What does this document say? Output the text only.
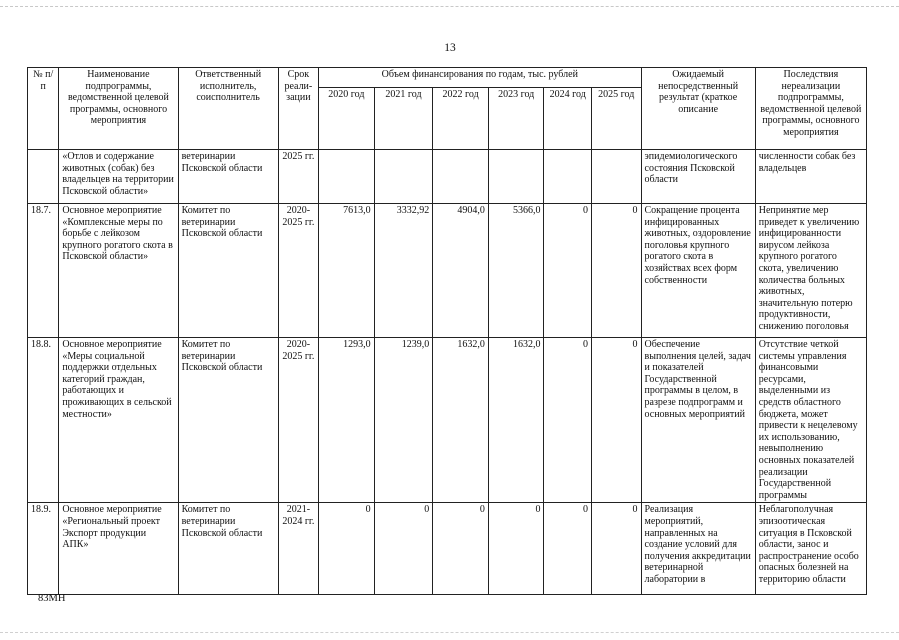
13
№ п/п	Наименование подпрограммы, ведомственной целевой программы, основного мероприятия	Ответственный исполнитель, соисполнитель	Срок реали-зации	Объем финансирования по годам, тыс. рублей						Ожидаемый непосредственный результат (краткое описание	Последствия нереализации подпрограммы, ведомственной целевой программы, основного мероприятия
				2020 год	2021 год	2022 год	2023 год	2024 год	2025 год		
	«Отлов и содержание животных (собак) без владельцев на территории Псковской области»	ветеринарии Псковской области	2025 гг.							эпидемиологического состояния Псковской области	численности собак без владельцев
18.7.	Основное мероприятие «Комплексные меры по борьбе с лейкозом крупного рогатого скота в Псковской области»	Комитет по ветеринарии Псковской области	2020-2025 гг.	7613,0	3332,92	4904,0	5366,0	0	0	Сокращение процента инфицированных животных, оздоровление поголовья крупного рогатого скота в хозяйствах всех форм собственности	Непринятие мер приведет к увеличению инфицированности вирусом лейкоза крупного рогатого скота, увеличению количества больных животных, значительную потерю продуктивности, снижению поголовья
18.8.	Основное мероприятие «Меры социальной поддержки отдельных категорий граждан, работающих и проживающих в сельской местности»	Комитет по ветеринарии Псковской области	2020-2025 гг.	1293,0	1239,0	1632,0	1632,0	0	0	Обеспечение выполнения целей, задач и показателей Государственной программы в целом, в разрезе подпрограмм и основных мероприятий	Отсутствие четкой системы управления финансовыми ресурсами, выделенными из средств областного бюджета, может привести к нецелевому их использованию, невыполнению основных показателей реализации Государственной программы
18.9.	Основное мероприятие «Региональный проект Экспорт продукции АПК»	Комитет по ветеринарии Псковской области	2021-2024 гг.	0	0	0	0	0	0	Реализация мероприятий, направленных на создание условий для получения аккредитации ветеринарной лаборатории в	Неблагополучная эпизоотическая ситуация в Псковской области, занос и распространение особо опасных болезней на территорию области
83МН
